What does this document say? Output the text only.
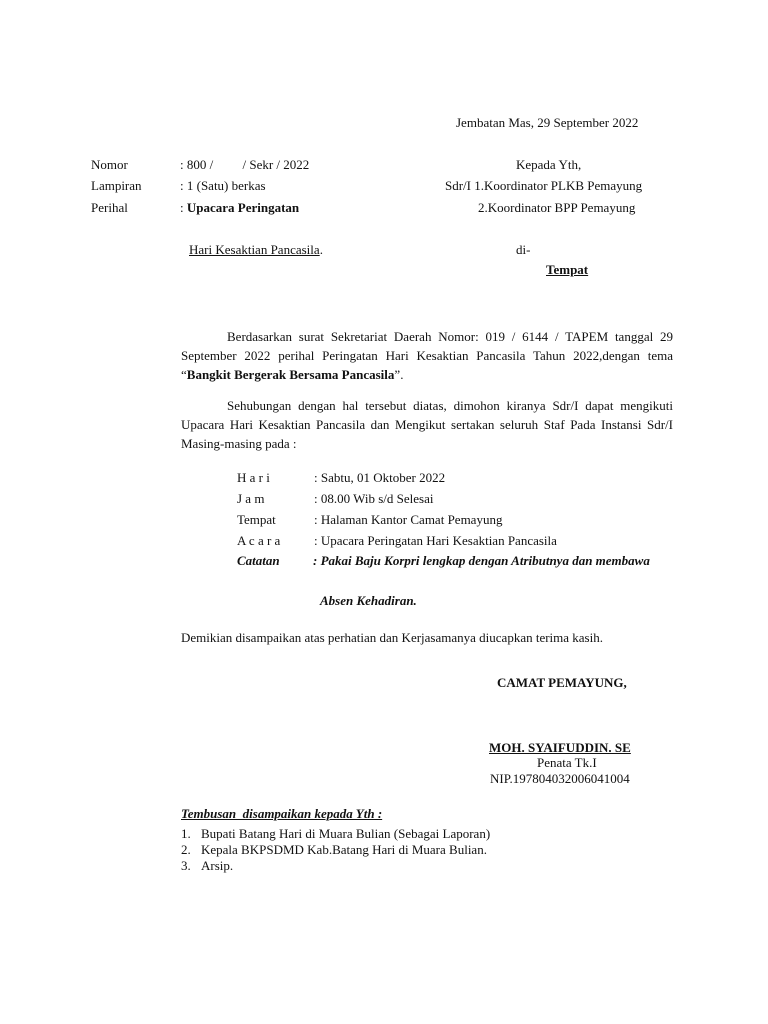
Jembatan Mas, 29 September 2022
Nomor	: 800 /         / Sekr / 2022
Lampiran	: 1 (Satu) berkas
Perihal	: Upacara Peringatan
Hari Kesaktian Pancasila.
Kepada Yth,
Sdr/I 1.Koordinator PLKB Pemayung
2.Koordinator BPP Pemayung
di-
Tempat

Berdasarkan surat Sekretariat Daerah Nomor: 019 / 6144 / TAPEM tanggal 29 September 2022 perihal Peringatan Hari Kesaktian Pancasila Tahun 2022,dengan tema “Bangkit Bergerak Bersama Pancasila”.

Sehubungan dengan hal tersebut diatas, dimohon kiranya Sdr/I dapat mengikuti Upacara Hari Kesaktian Pancasila dan Mengikut sertakan seluruh Staf Pada Instansi Sdr/I Masing-masing pada :

H a r i	: Sabtu, 01 Oktober 2022
J a m	: 08.00 Wib s/d Selesai
Tempat	: Halaman Kantor Camat Pemayung
A c a r a	: Upacara Peringatan Hari Kesaktian Pancasila
Catatan	: Pakai Baju Korpri lengkap dengan Atributnya dan membawa
Absen Kehadiran.
Demikian disampaikan atas perhatian dan Kerjasamanya diucapkan terima kasih.
CAMAT PEMAYUNG,
MOH. SYAIFUDDIN. SE
Penata Tk.I
NIP.197804032006041004
Tembusan  disampaikan kepada Yth :
1. Bupati Batang Hari di Muara Bulian (Sebagai Laporan)
2. Kepala BKPSDMD Kab.Batang Hari di Muara Bulian.
3. Arsip.
